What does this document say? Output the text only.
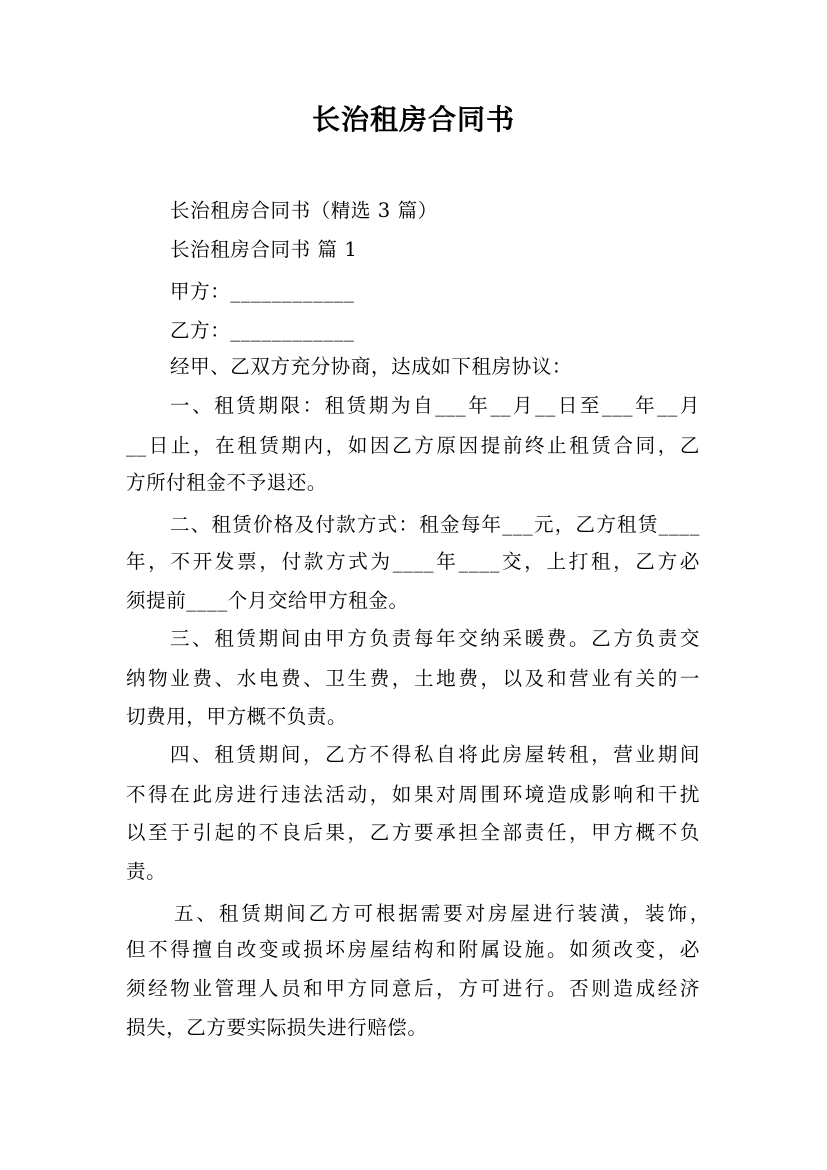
长治租房合同书
长治租房合同书（精选 3 篇）
长治租房合同书 篇 1
甲方：____________
乙方：____________
经甲、乙双方充分协商，达成如下租房协议：
一、租赁期限：租赁期为自___年__月__日至___年__月
__日止，在租赁期内，如因乙方原因提前终止租赁合同，乙
方所付租金不予退还。
二、租赁价格及付款方式：租金每年___元，乙方租赁____
年，不开发票，付款方式为____年____交，上打租，乙方必
须提前____个月交给甲方租金。
三、租赁期间由甲方负责每年交纳采暖费。乙方负责交
纳物业费、水电费、卫生费，土地费，以及和营业有关的一
切费用，甲方概不负责。
四、租赁期间，乙方不得私自将此房屋转租，营业期间
不得在此房进行违法活动，如果对周围环境造成影响和干扰
以至于引起的不良后果，乙方要承担全部责任，甲方概不负
责。
五、租赁期间乙方可根据需要对房屋进行装潢，装饰，
但不得擅自改变或损坏房屋结构和附属设施。如须改变，必
须经物业管理人员和甲方同意后，方可进行。否则造成经济
损失，乙方要实际损失进行赔偿。
